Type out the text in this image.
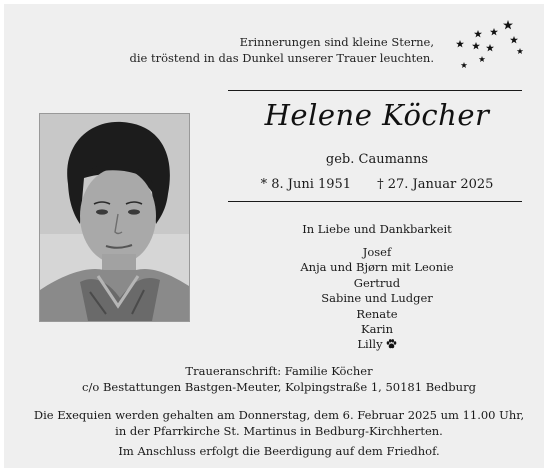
Erinnerungen sind kleine Sterne,
die tröstend in das Dunkel unserer Trauer leuchten.
Helene Köcher
geb. Caumanns
* 8. Juni 1951 † 27. Januar 2025
In Liebe und Dankbarkeit
Josef
Anja und Bjørn mit Leonie
Gertrud
Sabine und Ludger
Renate
Karin
Lilly
Traueranschrift: Familie Köcher
c/o Bestattungen Bastgen-Meuter, Kolpingstraße 1, 50181 Bedburg
Die Exequien werden gehalten am Donnerstag, dem 6. Februar 2025 um 11.00 Uhr,
in der Pfarrkirche St. Martinus in Bedburg-Kirchherten.
Im Anschluss erfolgt die Beerdigung auf dem Friedhof.
